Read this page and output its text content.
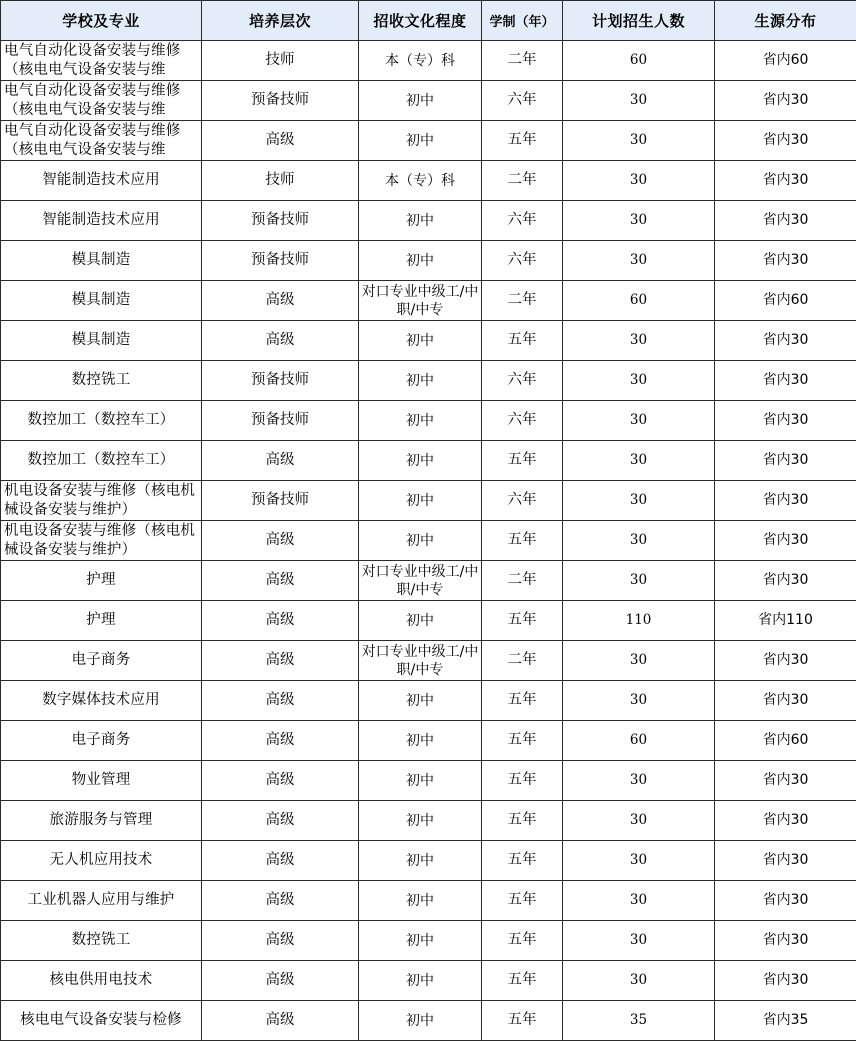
学校及专业	培养层次	招收文化程度	学制（年）	计划招生人数	生源分布

电气自动化设备安装与维修（核电电气设备安装与维	技师	本（专）科	二年	60	省内60

电气自动化设备安装与维修（核电电气设备安装与维	预备技师	初中	六年	30	省内30

电气自动化设备安装与维修（核电电气设备安装与维	高级	初中	五年	30	省内30
智能制造技术应用	技师	本（专）科	二年	30	省内30
智能制造技术应用	预备技师	初中	六年	30	省内30
模具制造	预备技师	初中	六年	30	省内30
模具制造	高级	对口专业中级工/中职/中专	二年	60	省内60
模具制造	高级	初中	五年	30	省内30
数控铣工	预备技师	初中	六年	30	省内30
数控加工（数控车工）	预备技师	初中	六年	30	省内30
数控加工（数控车工）	高级	初中	五年	30	省内30

机电设备安装与维修（核电机械设备安装与维护）	预备技师	初中	六年	30	省内30

机电设备安装与维修（核电机械设备安装与维护）	高级	初中	五年	30	省内30
护理	高级	对口专业中级工/中职/中专	二年	30	省内30
护理	高级	初中	五年	110	省内110
电子商务	高级	对口专业中级工/中职/中专	二年	30	省内30
数字媒体技术应用	高级	初中	五年	30	省内30
电子商务	高级	初中	五年	60	省内60
物业管理	高级	初中	五年	30	省内30
旅游服务与管理	高级	初中	五年	30	省内30
无人机应用技术	高级	初中	五年	30	省内30
工业机器人应用与维护	高级	初中	五年	30	省内30
数控铣工	高级	初中	五年	30	省内30
核电供用电技术	高级	初中	五年	30	省内30
核电电气设备安装与检修	高级	初中	五年	35	省内35
